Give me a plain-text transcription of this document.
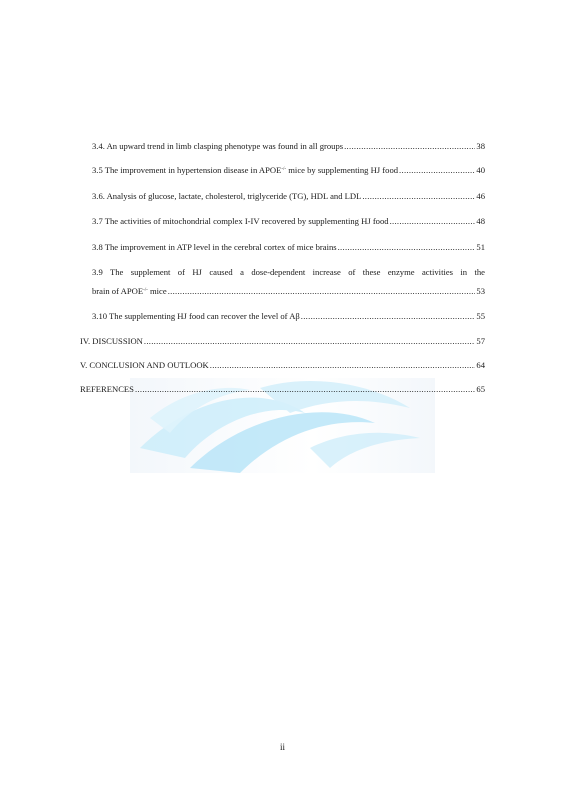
3.4. An upward trend in limb clasping phenotype was found in all groups .....	38
3.5 The improvement in hypertension disease in APOE-/- mice by supplementing HJ food .....	40
3.6. Analysis of glucose, lactate, cholesterol, triglyceride (TG), HDL and LDL .....	46
3.7 The activities of mitochondrial complex I-IV recovered by supplementing HJ food .....	48
3.8 The improvement in ATP level in the cerebral cortex of mice brains .....	51
3.9 The supplement of HJ caused a dose-dependent increase of these enzyme activities in the
brain of APOE-/- mice .....	53
3.10 The supplementing HJ food can recover the level of Aβ .....	55
IV. DISCUSSION .....	57
V. CONCLUSION AND OUTLOOK .....	64
REFERENCES .....	65
ii
